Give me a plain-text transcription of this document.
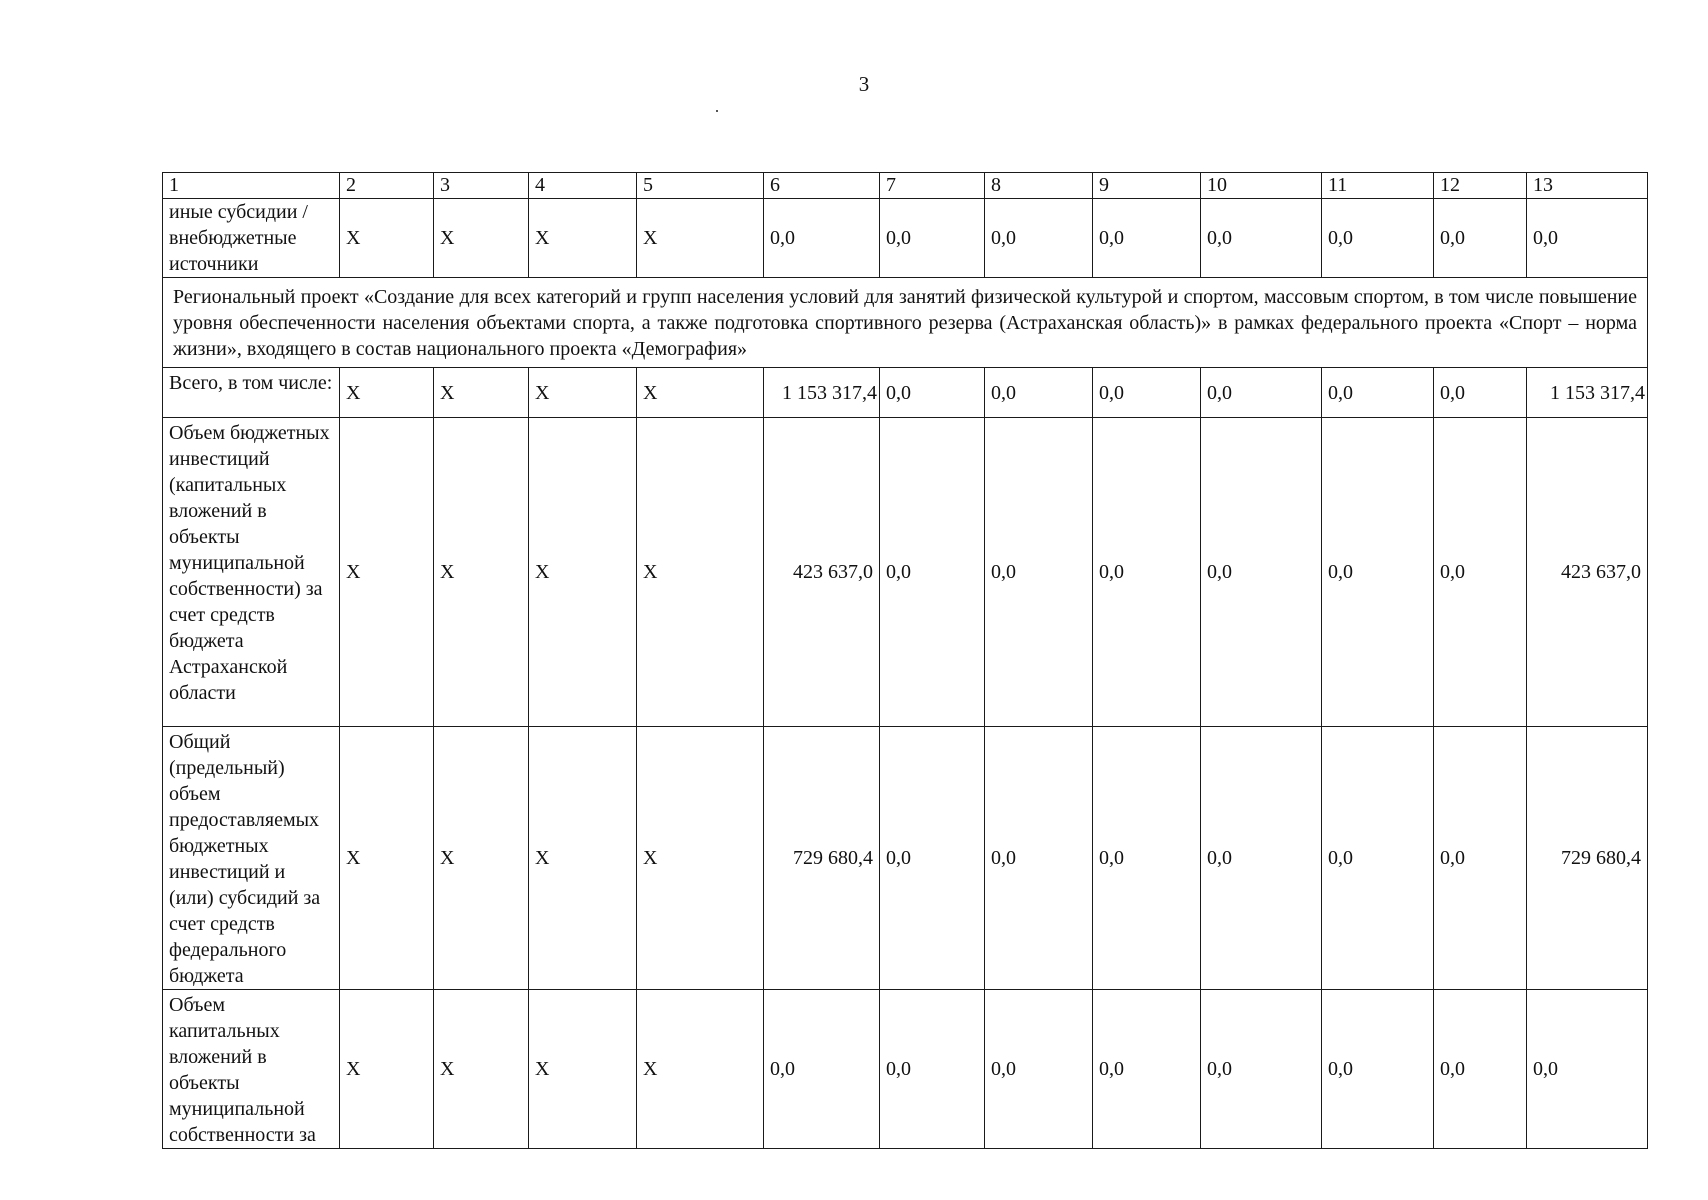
3
1	2	3	4	5	6	7	8	9	10	11	12	13
иные субсидии / внебюджетные источники	X	X	X	X	0,0	0,0	0,0	0,0	0,0	0,0	0,0	0,0
Региональный проект «Создание для всех категорий и групп населения условий для занятий физической культурой и спортом, массовым спортом, в том числе повышение уровня обеспеченности населения объектами спорта, а также подготовка спортивного резерва (Астраханская область)» в рамках федерального проекта «Спорт – норма жизни», входящего в состав национального проекта «Демография»												
Всего, в том числе:	X	X	X	X	1 153 317,4	0,0	0,0	0,0	0,0	0,0	0,0	1 153 317,4
Объем бюджетных инвестиций (капитальных вложений в объекты муниципальной собственности) за счет средств бюджета Астраханской области	X	X	X	X	423 637,0	0,0	0,0	0,0	0,0	0,0	0,0	423 637,0
Общий (предельный) объем предоставляемых бюджетных инвестиций и (или) субсидий за счет средств федерального бюджета	X	X	X	X	729 680,4	0,0	0,0	0,0	0,0	0,0	0,0	729 680,4
Объем капитальных вложений в объекты муниципальной собственности за	X	X	X	X	0,0	0,0	0,0	0,0	0,0	0,0	0,0	0,0
